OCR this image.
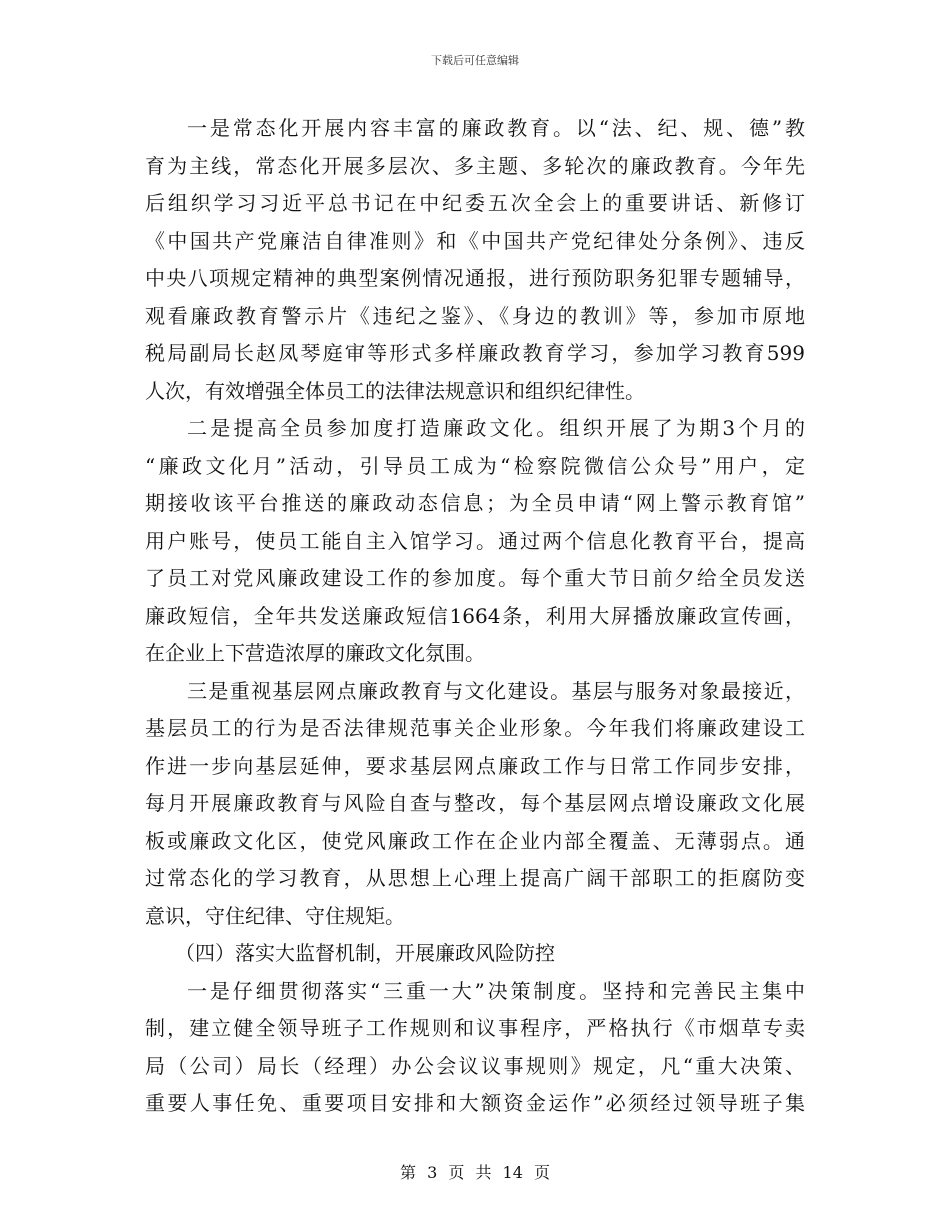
下载后可任意编辑
一是常态化开展内容丰富的廉政教育。以“法、纪、规、德”教
育为主线，常态化开展多层次、多主题、多轮次的廉政教育。今年先
后组织学习习近平总书记在中纪委五次全会上的重要讲话、新修订
《中国共产党廉洁自律准则》和《中国共产党纪律处分条例》、违反
中央八项规定精神的典型案例情况通报，进行预防职务犯罪专题辅导，
观看廉政教育警示片《违纪之鉴》、《身边的教训》等，参加市原地
税局副局长赵凤琴庭审等形式多样廉政教育学习，参加学习教育599
人次，有效增强全体员工的法律法规意识和组织纪律性。
二是提高全员参加度打造廉政文化。组织开展了为期3个月的
“廉政文化月”活动，引导员工成为“检察院微信公众号”用户，定
期接收该平台推送的廉政动态信息；为全员申请“网上警示教育馆”
用户账号，使员工能自主入馆学习。通过两个信息化教育平台，提高
了员工对党风廉政建设工作的参加度。每个重大节日前夕给全员发送
廉政短信，全年共发送廉政短信1664条，利用大屏播放廉政宣传画，
在企业上下营造浓厚的廉政文化氛围。
三是重视基层网点廉政教育与文化建设。基层与服务对象最接近，
基层员工的行为是否法律规范事关企业形象。今年我们将廉政建设工
作进一步向基层延伸，要求基层网点廉政工作与日常工作同步安排，
每月开展廉政教育与风险自查与整改，每个基层网点增设廉政文化展
板或廉政文化区，使党风廉政工作在企业内部全覆盖、无薄弱点。通
过常态化的学习教育，从思想上心理上提高广阔干部职工的拒腐防变
意识，守住纪律、守住规矩。
（四）落实大监督机制，开展廉政风险防控
一是仔细贯彻落实“三重一大”决策制度。坚持和完善民主集中
制，建立健全领导班子工作规则和议事程序，严格执行《市烟草专卖
局（公司）局长（经理）办公会议议事规则》规定，凡“重大决策、
重要人事任免、重要项目安排和大额资金运作”必须经过领导班子集
第 3 页 共 14 页
